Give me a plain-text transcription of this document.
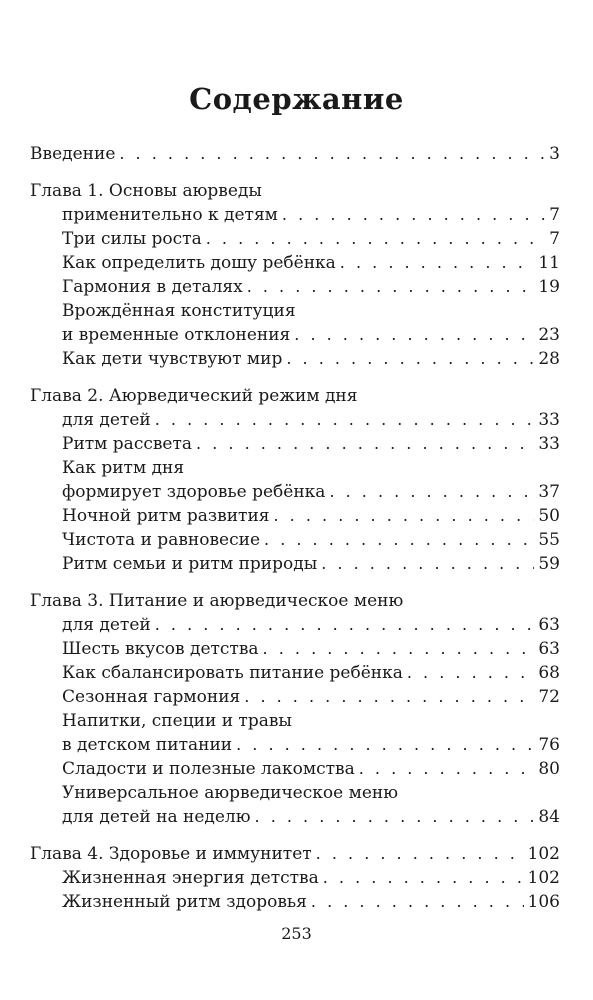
Содержание
Введение . . .	3
Глава 1. Основы аюрведы
применительно к детям . . .	7
Три силы роста . . .	7
Как определить дошу ребёнка . . .	11
Гармония в деталях . . .	19
Врождённая конституция
и временные отклонения . . .	23
Как дети чувствуют мир . . .	28
Глава 2. Аюрведический режим дня
для детей . . .	33
Ритм рассвета . . .	33
Как ритм дня
формирует здоровье ребёнка . . .	37
Ночной ритм развития . . .	50
Чистота и равновесие . . .	55
Ритм семьи и ритм природы . . .	59
Глава 3. Питание и аюрведическое меню
для детей . . .	63
Шесть вкусов детства . . .	63
Как сбалансировать питание ребёнка . . .	68
Сезонная гармония . . .	72
Напитки, специи и травы
в детском питании . . .	76
Сладости и полезные лакомства . . .	80
Универсальное аюрведическое меню
для детей на неделю . . .	84
Глава 4. Здоровье и иммунитет . . .	102
Жизненная энергия детства . . .	102
Жизненный ритм здоровья . . .	106
253
